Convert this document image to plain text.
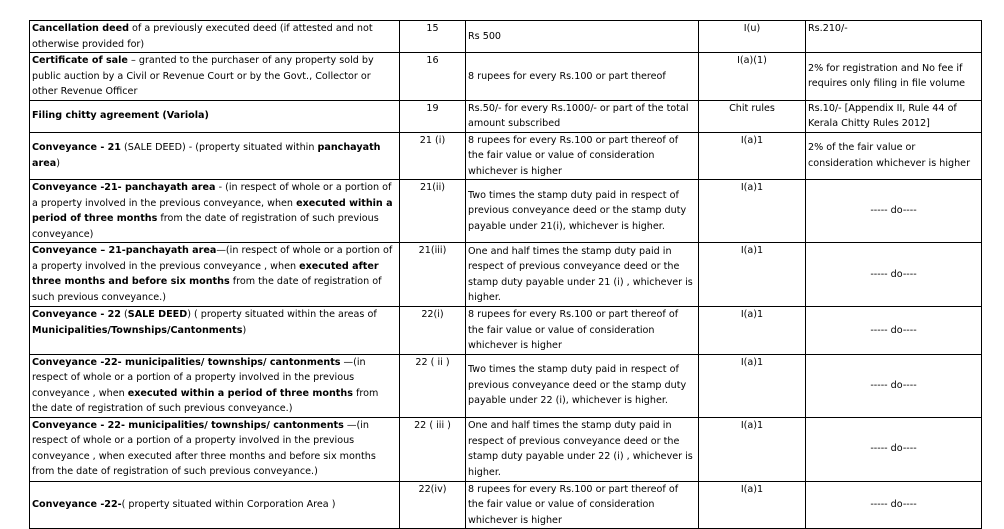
Cancellation deed of a previously executed deed (if attested and not otherwise provided for)	15	Rs 500	I(u)	Rs.210/-
Certificate of sale – granted to the purchaser of any property sold by public auction by a Civil or Revenue Court or by the Govt., Collector or other Revenue Officer	16	8 rupees for every Rs.100 or part thereof	I(a)(1)	2% for registration and No fee if requires only filing in file volume
Filing chitty agreement (Variola)	19	Rs.50/- for every Rs.1000/- or part of the total amount subscribed	Chit rules	Rs.10/- [Appendix II, Rule 44 of Kerala Chitty Rules 2012]
Conveyance - 21 (SALE DEED) - (property situated within panchayath area)	21 (i)	8 rupees for every Rs.100 or part thereof of the fair value or value of consideration whichever is higher	I(a)1	2% of the fair value or consideration whichever is higher
Conveyance -21- panchayath area - (in respect of whole or a portion of a property involved in the previous conveyance, when executed within a period of three months from the date of registration of such previous conveyance)	21(ii)	Two times the stamp duty paid in respect of previous conveyance deed or the stamp duty payable under 21(i), whichever is higher.	I(a)1	----- do----
Conveyance – 21-panchayath area—(in respect of whole or a portion of a property involved in the previous conveyance , when executed after three months and before six months from the date of registration of such previous conveyance.)	21(iii)	One and half times the stamp duty paid in respect of previous conveyance deed or the stamp duty payable under 21 (i) , whichever is higher.	I(a)1	----- do----
Conveyance - 22 (SALE DEED) ( property situated within the areas of Municipalities/Townships/Cantonments)	22(i)	8 rupees for every Rs.100 or part thereof of the fair value or value of consideration whichever is higher	I(a)1	----- do----
Conveyance -22- municipalities/ townships/ cantonments —(in respect of whole or a portion of a property involved in the previous conveyance , when executed within a period of three months from the date of registration of such previous conveyance.)	22 ( ii )	Two times the stamp duty paid in respect of previous conveyance deed or the stamp duty payable under 22 (i), whichever is higher.	I(a)1	----- do----
Conveyance - 22- municipalities/ townships/ cantonments —(in respect of whole or a portion of a property involved in the previous conveyance , when executed after three months and before six months from the date of registration of such previous conveyance.)	22 ( iii )	One and half times the stamp duty paid in respect of previous conveyance deed or the stamp duty payable under 22 (i) , whichever is higher.	I(a)1	----- do----
Conveyance -22-( property situated within Corporation Area )	22(iv)	8 rupees for every Rs.100 or part thereof of the fair value or value of consideration whichever is higher	I(a)1	----- do----
